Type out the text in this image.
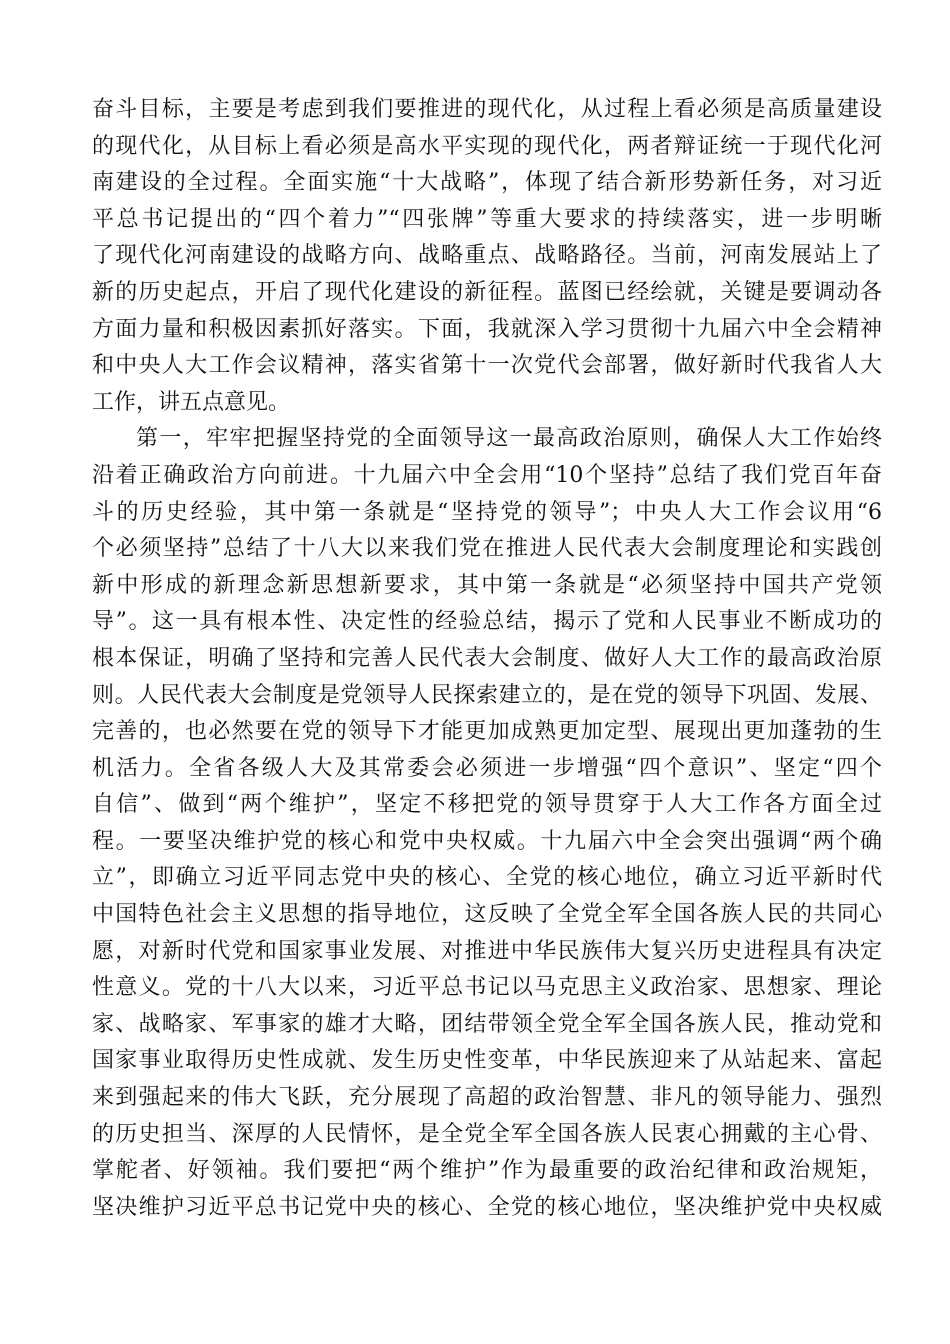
奋斗目标，主要是考虑到我们要推进的现代化，从过程上看必须是高质量建设
的现代化，从目标上看必须是高水平实现的现代化，两者辩证统一于现代化河
南建设的全过程。全面实施“十大战略”，体现了结合新形势新任务，对习近
平总书记提出的“四个着力”“四张牌”等重大要求的持续落实，进一步明晰
了现代化河南建设的战略方向、战略重点、战略路径。当前，河南发展站上了
新的历史起点，开启了现代化建设的新征程。蓝图已经绘就，关键是要调动各
方面力量和积极因素抓好落实。下面，我就深入学习贯彻十九届六中全会精神
和中央人大工作会议精神，落实省第十一次党代会部署，做好新时代我省人大
工作，讲五点意见。
第一，牢牢把握坚持党的全面领导这一最高政治原则，确保人大工作始终
沿着正确政治方向前进。十九届六中全会用“10个坚持”总结了我们党百年奋
斗的历史经验，其中第一条就是“坚持党的领导”；中央人大工作会议用“6
个必须坚持”总结了十八大以来我们党在推进人民代表大会制度理论和实践创
新中形成的新理念新思想新要求，其中第一条就是“必须坚持中国共产党领
导”。这一具有根本性、决定性的经验总结，揭示了党和人民事业不断成功的
根本保证，明确了坚持和完善人民代表大会制度、做好人大工作的最高政治原
则。人民代表大会制度是党领导人民探索建立的，是在党的领导下巩固、发展、
完善的，也必然要在党的领导下才能更加成熟更加定型、展现出更加蓬勃的生
机活力。全省各级人大及其常委会必须进一步增强“四个意识”、坚定“四个
自信”、做到“两个维护”，坚定不移把党的领导贯穿于人大工作各方面全过
程。一要坚决维护党的核心和党中央权威。十九届六中全会突出强调“两个确
立”，即确立习近平同志党中央的核心、全党的核心地位，确立习近平新时代
中国特色社会主义思想的指导地位，这反映了全党全军全国各族人民的共同心
愿，对新时代党和国家事业发展、对推进中华民族伟大复兴历史进程具有决定
性意义。党的十八大以来，习近平总书记以马克思主义政治家、思想家、理论
家、战略家、军事家的雄才大略，团结带领全党全军全国各族人民，推动党和
国家事业取得历史性成就、发生历史性变革，中华民族迎来了从站起来、富起
来到强起来的伟大飞跃，充分展现了高超的政治智慧、非凡的领导能力、强烈
的历史担当、深厚的人民情怀，是全党全军全国各族人民衷心拥戴的主心骨、
掌舵者、好领袖。我们要把“两个维护”作为最重要的政治纪律和政治规矩，
坚决维护习近平总书记党中央的核心、全党的核心地位，坚决维护党中央权威
